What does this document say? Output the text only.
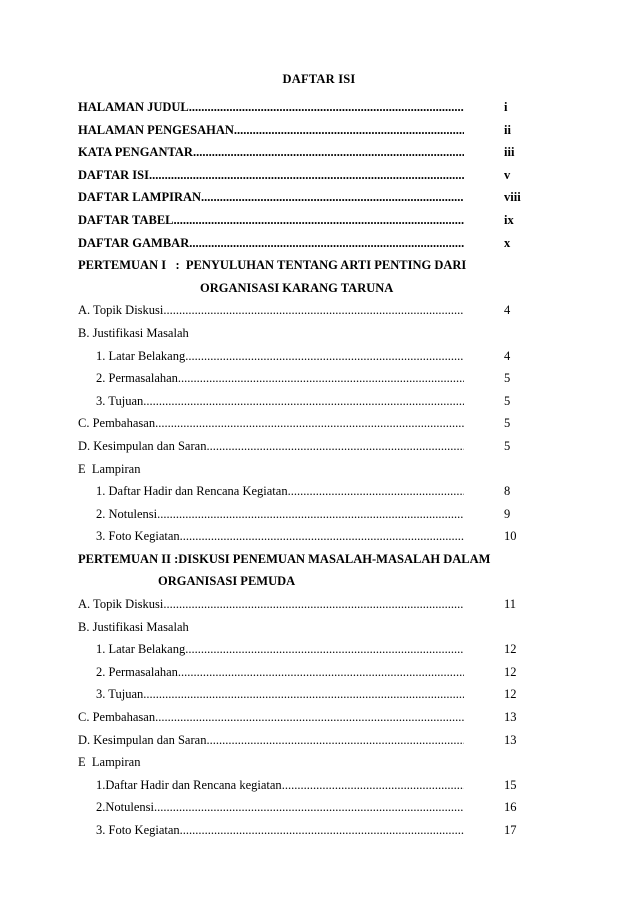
DAFTAR ISI
HALAMAN JUDUL .....	i
HALAMAN PENGESAHAN .....	ii
KATA PENGANTAR .....	iii
DAFTAR ISI .....	v
DAFTAR LAMPIRAN .....	viii
DAFTAR TABEL .....	ix
DAFTAR GAMBAR .....	x
PERTEMUAN I   :  PENYULUHAN TENTANG ARTI PENTING DARI
ORGANISASI KARANG TARUNA
A. Topik Diskusi .....	4
B. Justifikasi Masalah
1. Latar Belakang .....	4
2. Permasalahan .....	5
3. Tujuan .....	5
C. Pembahasan .....	5
D. Kesimpulan dan Saran .....	5
E  Lampiran
1. Daftar Hadir dan Rencana Kegiatan .....	8
2. Notulensi .....	9
3. Foto Kegiatan .....	10
PERTEMUAN II :DISKUSI PENEMUAN MASALAH-MASALAH DALAM
ORGANISASI PEMUDA
A. Topik Diskusi .....	11
B. Justifikasi Masalah
1. Latar Belakang .....	12
2. Permasalahan .....	12
3. Tujuan .....	12
C. Pembahasan .....	13
D. Kesimpulan dan Saran .....	13
E  Lampiran
1.Daftar Hadir dan Rencana kegiatan .....	15
2.Notulensi .....	16
3. Foto Kegiatan .....	17
